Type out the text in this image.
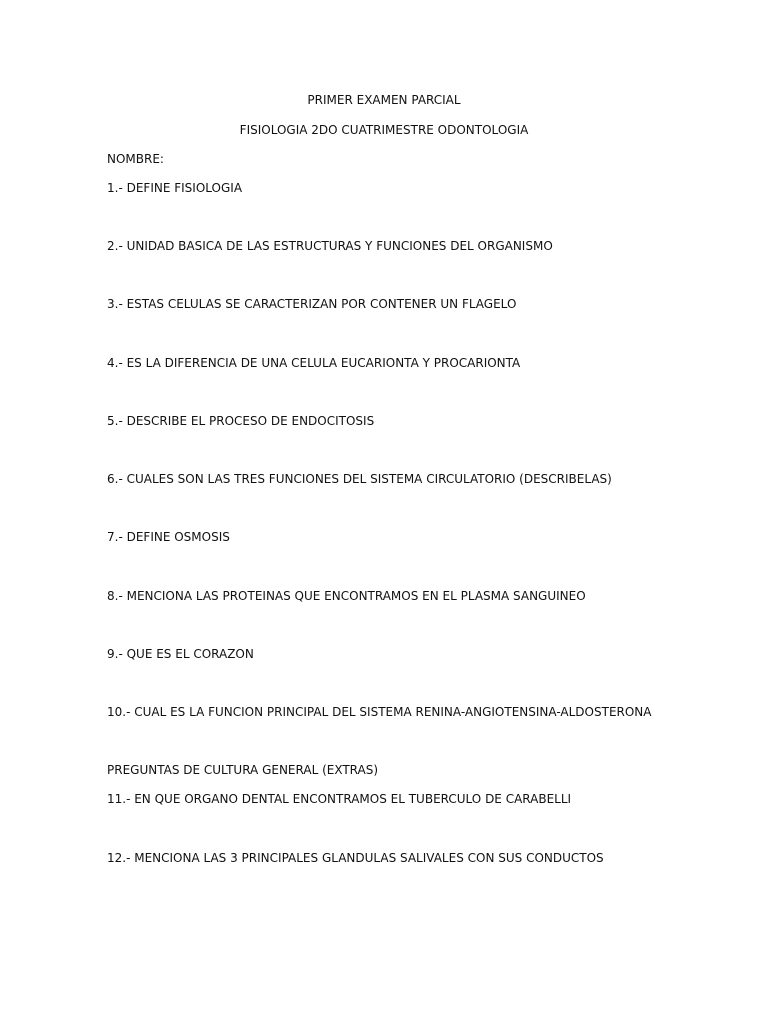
PRIMER EXAMEN PARCIAL
FISIOLOGIA 2DO CUATRIMESTRE ODONTOLOGIA
NOMBRE:
1.- DEFINE FISIOLOGIA
2.- UNIDAD BASICA DE LAS ESTRUCTURAS Y FUNCIONES DEL ORGANISMO
3.- ESTAS CELULAS SE CARACTERIZAN POR CONTENER UN FLAGELO
4.- ES LA DIFERENCIA DE UNA CELULA EUCARIONTA Y PROCARIONTA
5.- DESCRIBE EL PROCESO DE ENDOCITOSIS
6.- CUALES SON LAS TRES FUNCIONES DEL SISTEMA CIRCULATORIO (DESCRIBELAS)
7.- DEFINE OSMOSIS
8.- MENCIONA LAS PROTEINAS QUE ENCONTRAMOS EN EL PLASMA SANGUINEO
9.- QUE ES EL CORAZON
10.- CUAL ES LA FUNCION PRINCIPAL DEL SISTEMA RENINA-ANGIOTENSINA-ALDOSTERONA
PREGUNTAS DE CULTURA GENERAL (EXTRAS)
11.- EN QUE ORGANO DENTAL ENCONTRAMOS EL TUBERCULO DE CARABELLI
12.- MENCIONA LAS 3 PRINCIPALES GLANDULAS SALIVALES CON SUS CONDUCTOS
